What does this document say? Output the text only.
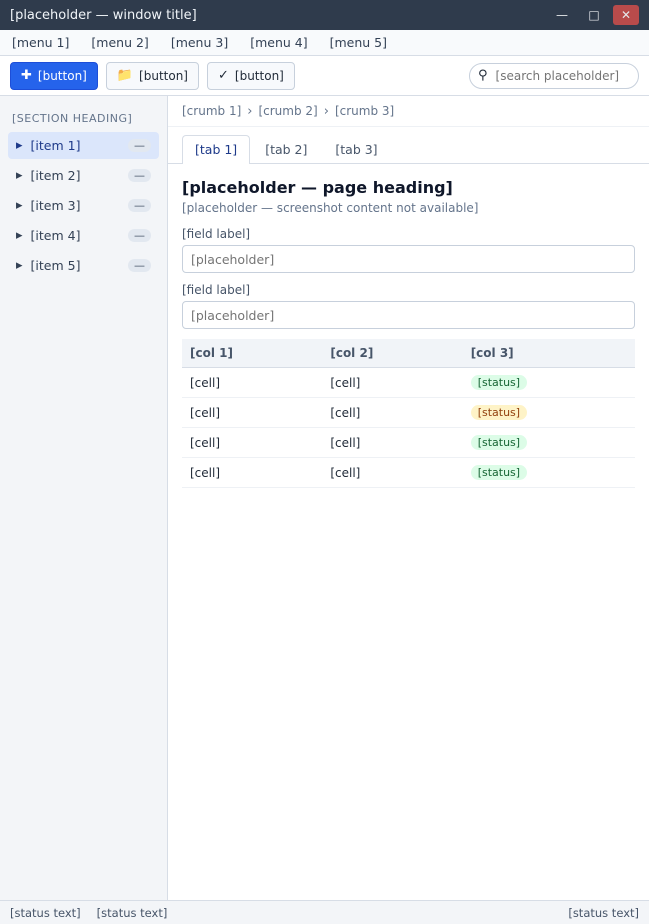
[placeholder — window title]	—	□	✕
[menu 1]	[menu 2]	[menu 3]	[menu 4]	[menu 5]
✚ [button] 📁 [button] ✓ [button]	⚲
[search placeholder]
[SECTION HEADING]
▸ [item 1]	—
▸ [item 2]	—
▸ [item 3]	—
▸ [item 4]	—
▸ [item 5]	—
[crumb 1] › [crumb 2] › [crumb 3]
[tab 1]	[tab 2]	[tab 3]
[placeholder — page heading]

[placeholder — screenshot content not available]

[field label]
[placeholder]
[field label]
[placeholder]
[col 1]	[col 2]	[col 3]
[cell]	[cell]	[status]
[cell]	[cell]	[status]
[cell]	[cell]	[status]
[cell]	[cell]	[status]
[status text] [status text]	[status text]
